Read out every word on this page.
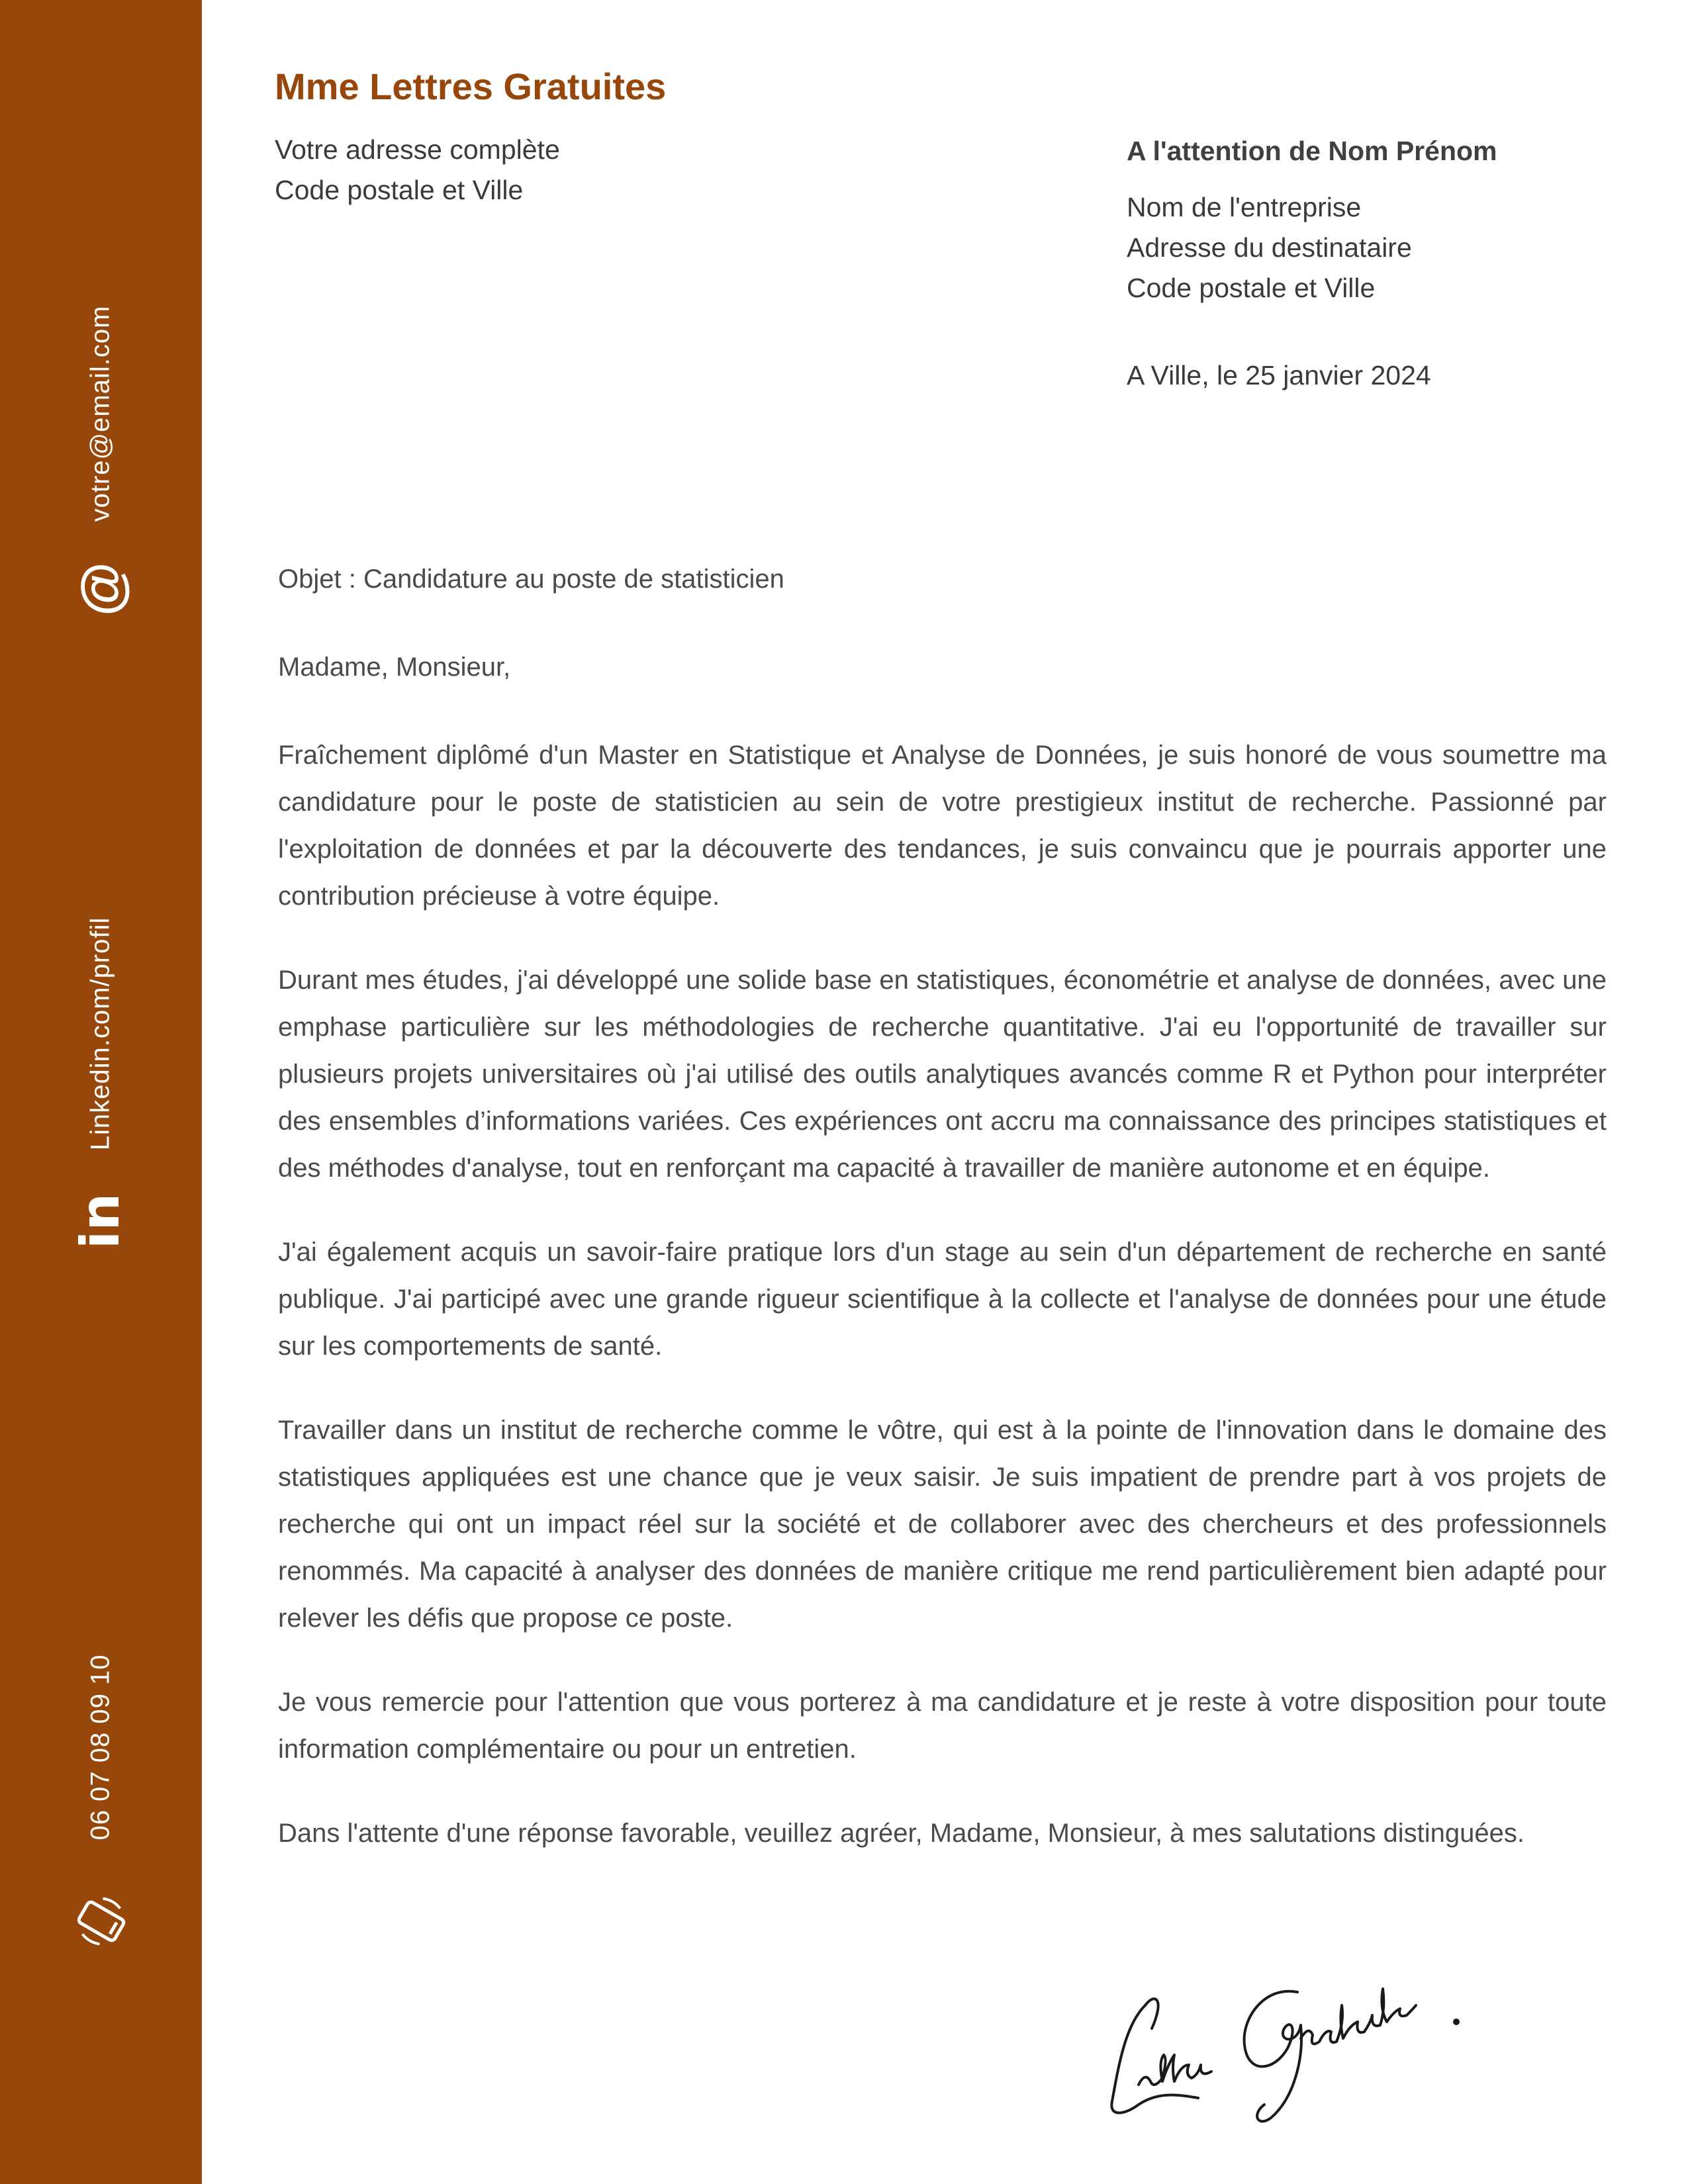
votre@email.com
@
Linkedin.com/profil
in
06 07 08 09 10
Mme Lettres Gratuites
Votre adresse complète
Code postale et Ville
A l'attention de Nom Prénom
Nom de l'entreprise
Adresse du destinataire
Code postale et Ville
A Ville, le 25 janvier 2024

Objet : Candidature au poste de statisticien

Madame, Monsieur,

Fraîchement diplômé d'un Master en Statistique et Analyse de Données, je suis honoré de vous soumettre ma candidature pour le poste de statisticien au sein de votre prestigieux institut de recherche. Passionné par l'exploitation de données et par la découverte des tendances, je suis convaincu que je pourrais apporter une contribution précieuse à votre équipe.

Durant mes études, j'ai développé une solide base en statistiques, économétrie et analyse de données, avec une emphase particulière sur les méthodologies de recherche quantitative. J'ai eu l'opportunité de travailler sur plusieurs projets universitaires où j'ai utilisé des outils analytiques avancés comme R et Python pour interpréter des ensembles d’informations variées. Ces expériences ont accru ma connaissance des principes statistiques et des méthodes d'analyse, tout en renforçant ma capacité à travailler de manière autonome et en équipe.

J'ai également acquis un savoir-faire pratique lors d'un stage au sein d'un département de recherche en santé publique. J'ai participé avec une grande rigueur scientifique à la collecte et l'analyse de données pour une étude sur les comportements de santé.

Travailler dans un institut de recherche comme le vôtre, qui est à la pointe de l'innovation dans le domaine des statistiques appliquées est une chance que je veux saisir. Je suis impatient de prendre part à vos projets de recherche qui ont un impact réel sur la société et de collaborer avec des chercheurs et des professionnels renommés. Ma capacité à analyser des données de manière critique me rend particulièrement bien adapté pour relever les défis que propose ce poste.

Je vous remercie pour l'attention que vous porterez à ma candidature et je reste à votre disposition pour toute information complémentaire ou pour un entretien.

Dans l'attente d'une réponse favorable, veuillez agréer, Madame, Monsieur, à mes salutations distinguées.
